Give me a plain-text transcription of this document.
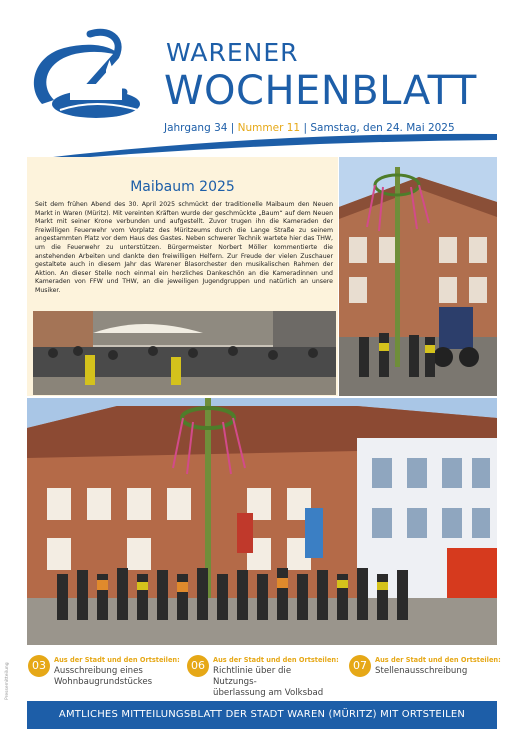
WARENER
WOCHENBLATT
Jahrgang 34 | Nummer 11 | Samstag, den 24. Mai 2025
Maibaum 2025
Seit dem frühen Abend des 30. April 2025 schmückt der traditionelle Maibaum den Neuen Markt in Waren (Müritz). Mit vereinten Kräften wurde der geschmückte „Baum“ auf dem Neuen Markt mit seiner Krone verbunden und aufgestellt. Zuvor trugen ihn die Kameraden der Freiwilligen Feuerwehr vom Vorplatz des Müritzeums durch die Lange Straße zu seinem angestammten Platz vor dem Haus des Gastes. Neben schwerer Technik wartete hier das THW, um die Feuerwehr zu unterstützen. Bürgermeister Norbert Möller kommentierte die anstehenden Arbeiten und dankte den freiwilligen Helfern. Zur Freude der vielen Zuschauer gestaltete auch in diesem Jahr das Warener Blasorchester den musikalischen Rahmen der Aktion. An dieser Stelle noch einmal ein herzliches Dankeschön an die Kameradinnen und Kameraden von FFW und THW, an die jeweiligen Jugendgruppen und natürlich an unsere Musiker.
03	Aus der Stadt und den Ortsteilen:
Ausschreibung eines
Wohnbaugrundstückes
06	Aus der Stadt und den Ortsteilen:
Richtlinie über die Nutzungs-
überlassung am Volksbad
07	Aus der Stadt und den Ortsteilen:
Stellenausschreibung
Pressemitteilung
AMTLICHES MITTEILUNGSBLATT DER STADT WAREN (MÜRITZ) MIT ORTSTEILEN
